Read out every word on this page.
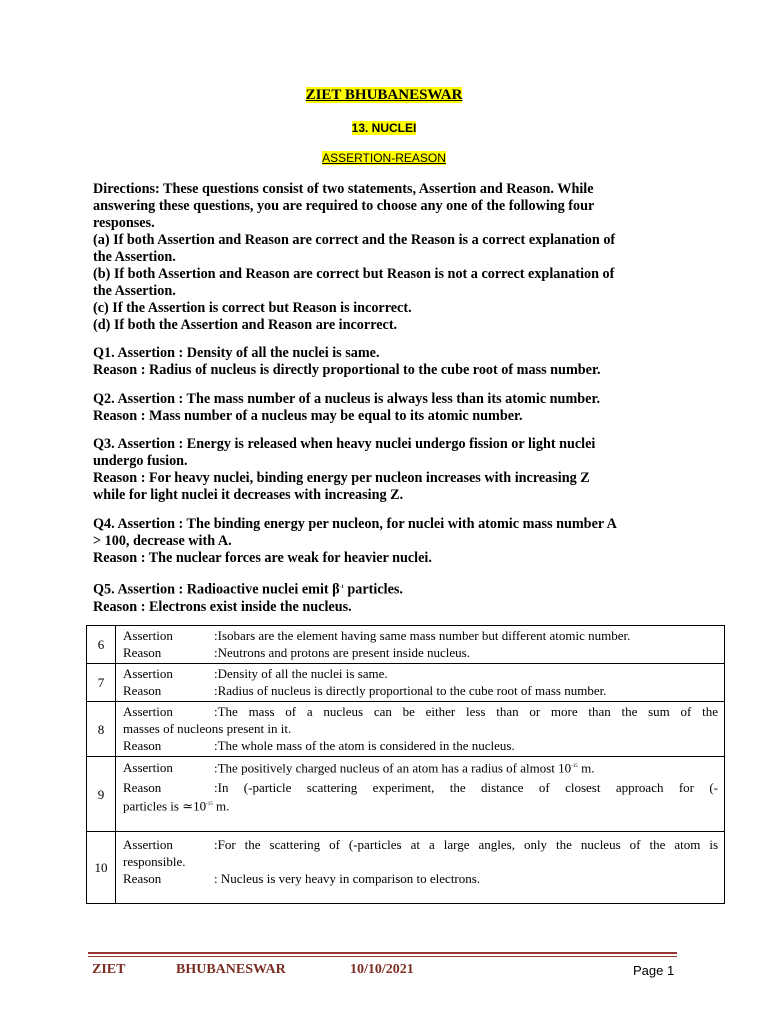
ZIET BHUBANESWAR
13. NUCLEI
ASSERTION-REASON
Directions: These questions consist of two statements, Assertion and Reason. While
answering these questions, you are required to choose any one of the following four
responses.
(a) If both Assertion and Reason are correct and the Reason is a correct explanation of
the Assertion.
(b) If both Assertion and Reason are correct but Reason is not a correct explanation of
the Assertion.
(c) If the Assertion is correct but Reason is incorrect.
(d) If both the Assertion and Reason are incorrect.
Q1. Assertion : Density of all the nuclei is same.
Reason : Radius of nucleus is directly proportional to the cube root of mass number.
Q2. Assertion : The mass number of a nucleus is always less than its atomic number.
Reason : Mass number of a nucleus may be equal to its atomic number.
Q3. Assertion : Energy is released when heavy nuclei undergo fission or light nuclei
undergo fusion.
Reason : For heavy nuclei, binding energy per nucleon increases with increasing Z
while for light nuclei it decreases with increasing Z.
Q4. Assertion : The binding energy per nucleon, for nuclei with atomic mass number A
> 100, decrease with A.
Reason : The nuclear forces are weak for heavier nuclei.
Q5. Assertion : Radioactive nuclei emit $\beta^{-1}$ particles.
Reason : Electrons exist inside the nucleus.
6	Assertion :Isobars are the element having same mass number but different atomic number.
Reason :Neutrons and protons are present inside nucleus.

7	Assertion :Density of all the nuclei is same.
Reason :Radius of nucleus is directly proportional to the cube root of mass number.

8	Assertion :The mass of a nucleus can be either less than or more than the sum of the
masses of nucleons present in it.
Reason :The whole mass of the atom is considered in the nucleus.

9	Assertion :The positively charged nucleus of an atom has a radius of almost $10^{-15}$ m.
Reason :In (-particle scattering experiment, the distance of closest approach for (-
particles is $≃10^{-15}$ m.

10	Assertion :For the scattering of (-particles at a large angles, only the nucleus of the atom is
responsible.
Reason : Nucleus is very heavy in comparison to electrons.
ZIET	BHUBANESWAR	10/10/2021	Page 1
